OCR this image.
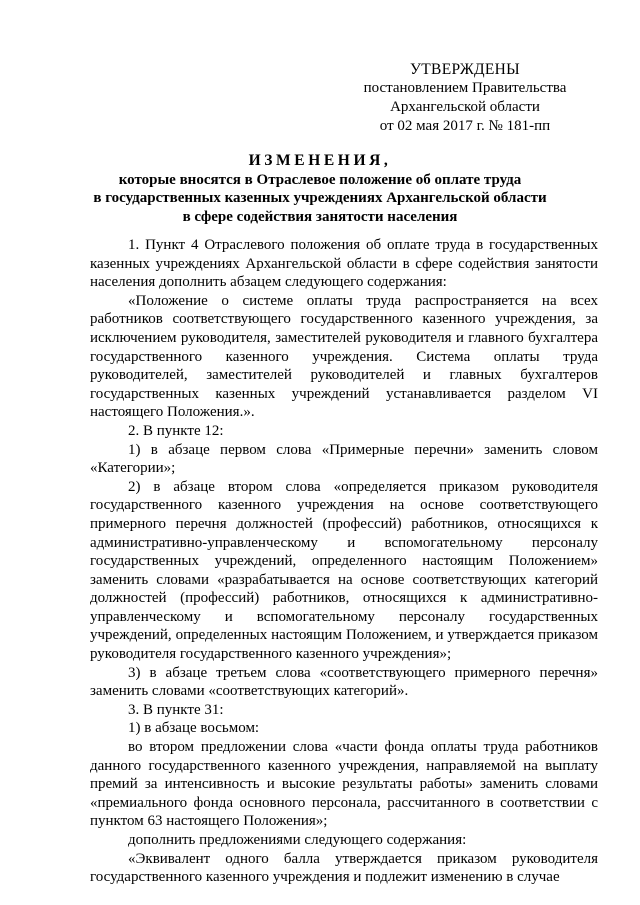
УТВЕРЖДЕНЫ
постановлением Правительства
Архангельской области
от 02 мая 2017 г. № 181-пп
ИЗМЕНЕНИЯ,
которые вносятся в Отраслевое положение об оплате труда
в государственных казенных учреждениях Архангельской области
в сфере содействия занятости населения

1. Пункт 4 Отраслевого положения об оплате труда в государственных казенных учреждениях Архангельской области в сфере содействия занятости населения дополнить абзацем следующего содержания:

«Положение о системе оплаты труда распространяется на всех работников соответствующего государственного казенного учреждения, за исключением руководителя, заместителей руководителя и главного бухгалтера государственного казенного учреждения. Система оплаты труда руководителей, заместителей руководителей и главных бухгалтеров государственных казенных учреждений устанавливается разделом VI настоящего Положения.».

2. В пункте 12:

1) в абзаце первом слова «Примерные перечни» заменить словом «Категории»;

2) в абзаце втором слова «определяется приказом руководителя государственного казенного учреждения на основе соответствующего примерного перечня должностей (профессий) работников, относящихся к административно-управленческому и вспомогательному персоналу государственных учреждений, определенного настоящим Положением» заменить словами «разрабатывается на основе соответствующих категорий должностей (профессий) работников, относящихся к административно-управленческому и вспомогательному персоналу государственных учреждений, определенных настоящим Положением, и утверждается приказом руководителя государственного казенного учреждения»;

3) в абзаце третьем слова «соответствующего примерного перечня» заменить словами «соответствующих категорий».

3. В пункте 31:

1) в абзаце восьмом:

во втором предложении слова «части фонда оплаты труда работников данного государственного казенного учреждения, направляемой на выплату премий за интенсивность и высокие результаты работы» заменить словами «премиального фонда основного персонала, рассчитанного в соответствии с пунктом 63 настоящего Положения»;

дополнить предложениями следующего содержания:

«Эквивалент одного балла утверждается приказом руководителя государственного казенного учреждения и подлежит изменению в случае
